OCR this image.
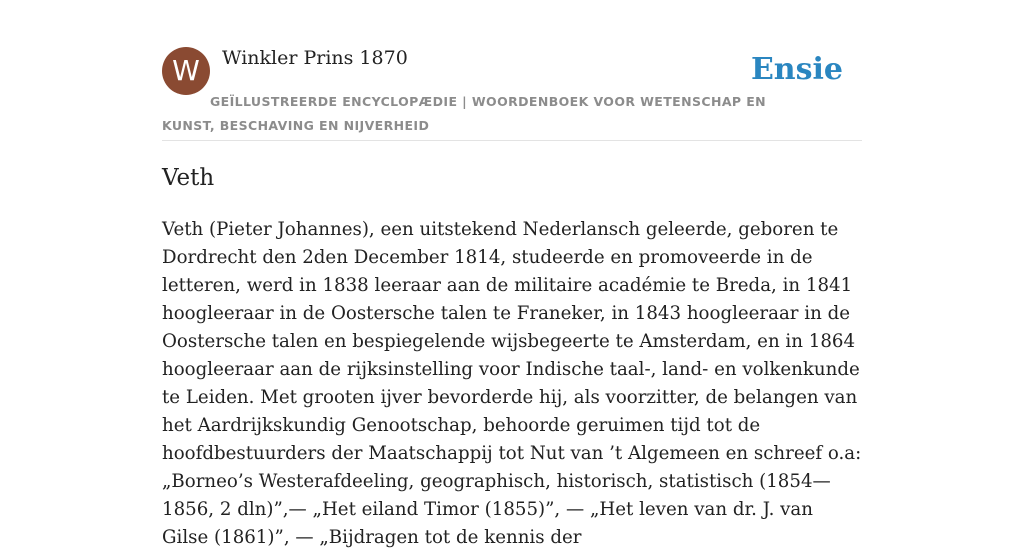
W	Winkler Prins 1870
GEÏLLUSTREERDE ENCYCLOPÆDIE | WOORDENBOEK VOOR WETENSCHAP EN KUNST, BESCHAVING EN NIJVERHEID
Ensie
Veth

Veth (Pieter Johannes), een uitstekend Nederlansch geleerde, geboren te Dordrecht den 2den December 1814, studeerde en promoveerde in de letteren, werd in 1838 leeraar aan de militaire académie te Breda, in 1841 hoogleeraar in de Oostersche talen te Franeker, in 1843 hoogleeraar in de Oostersche talen en bespiegelende wijsbegeerte te Amsterdam, en in 1864 hoogleeraar aan de rijksinstelling voor Indische taal-, land- en volkenkunde te Leiden. Met grooten ijver bevorderde hij, als voorzitter, de belangen van het Aardrijkskundig Genootschap, behoorde geruimen tijd tot de hoofdbestuurders der Maatschappij tot Nut van ’t Algemeen en schreef o.a: „Borneo’s Westerafdeeling, geographisch, historisch, statistisch (1854—1856, 2 dln)”,— „Het eiland Timor (1855)”, — „Het leven van dr. J. van Gilse (1861)”, — „Bijdragen tot de kennis der
